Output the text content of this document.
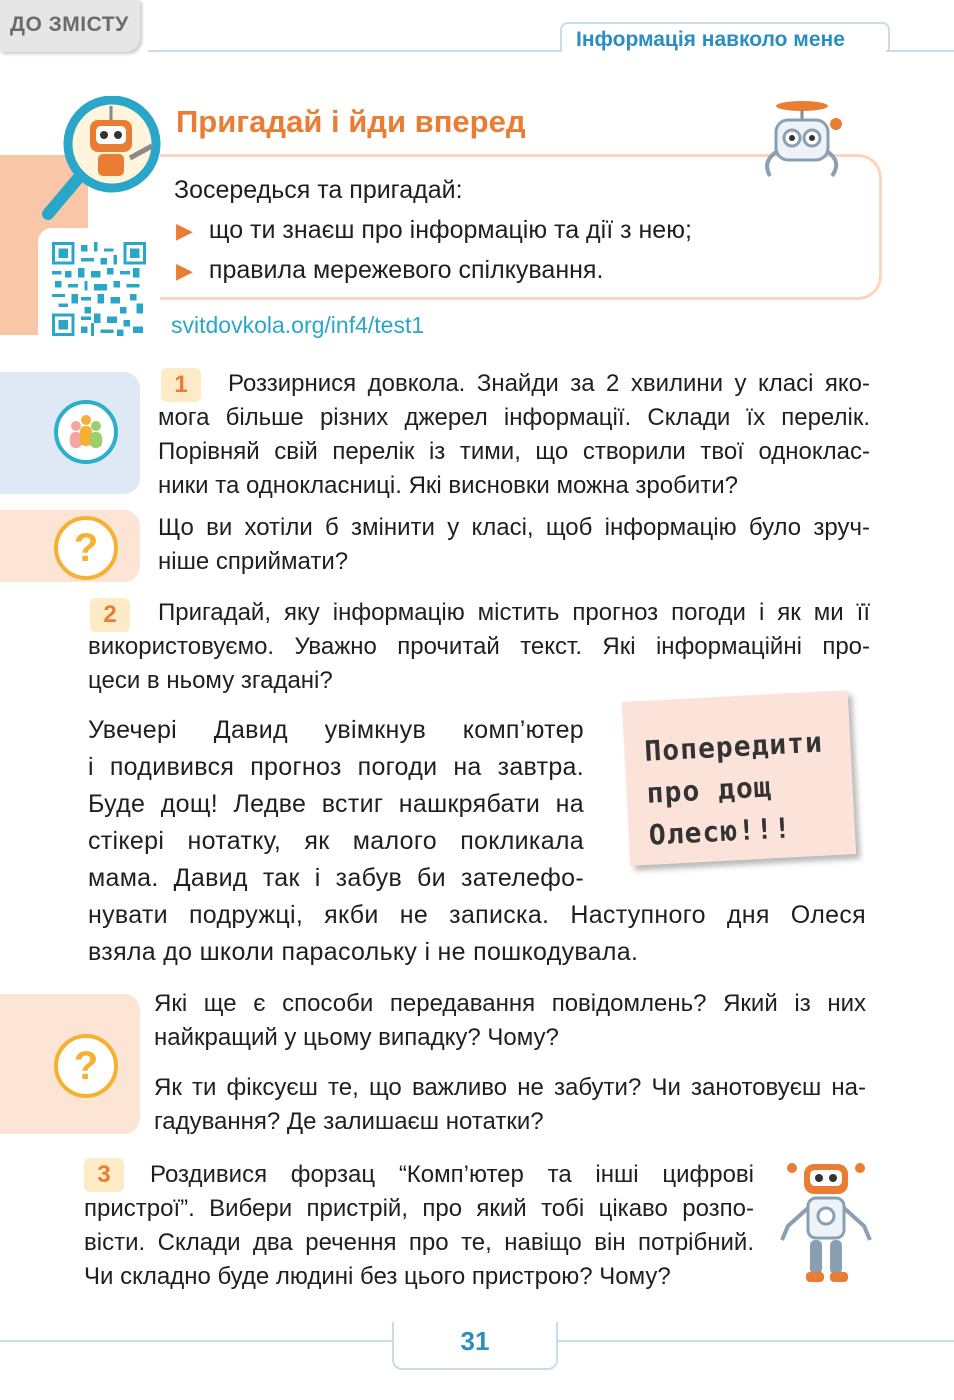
ДО ЗМІСТУ
Інформація навколо мене
Пригадай і йди вперед
Зосередься та пригадай:
▶ що ти знаєш про інформацію та дії з нею;
▶ правила мережевого спілкування.
svitdovkola.org/inf4/test1
1	Роззирнися довкола. Знайди за 2 хвилини у класі яко-
мога більше різних джерел інформації. Склади їх перелік.
Порівняй свій перелік із тими, що створили твої одноклас-
ники та однокласниці. Які висновки можна зробити?
?	Що ви хотіли б змінити у класі, щоб інформацію було зруч-
ніше сприймати?
2	Пригадай, яку інформацію містить прогноз погоди і як ми її
використовуємо. Уважно прочитай текст. Які інформаційні про-
цеси в ньому згадані?
Увечері Давид увімкнув комп’ютер
і подивився прогноз погоди на завтра.
Буде дощ! Ледве встиг нашкрябати на
стікері нотатку, як малого покликала
мама. Давид так і забув би зателефо-
нувати подружці, якби не записка. Наступного дня Олеся
взяла до школи парасольку і не пошкодувала.
Попередити
про дощ
Олесю!!!
?
Які ще є способи передавання повідомлень? Який із них
найкращий у цьому випадку? Чому?
Як ти фіксуєш те, що важливо не забути? Чи занотовуєш на-
гадування? Де залишаєш нотатки?
3	Роздивися форзац “Комп’ютер та інші цифрові
пристрої”. Вибери пристрій, про який тобі цікаво розпо-
вісти. Склади два речення про те, навіщо він потрібний.
Чи складно буде людині без цього пристрою? Чому?
31
